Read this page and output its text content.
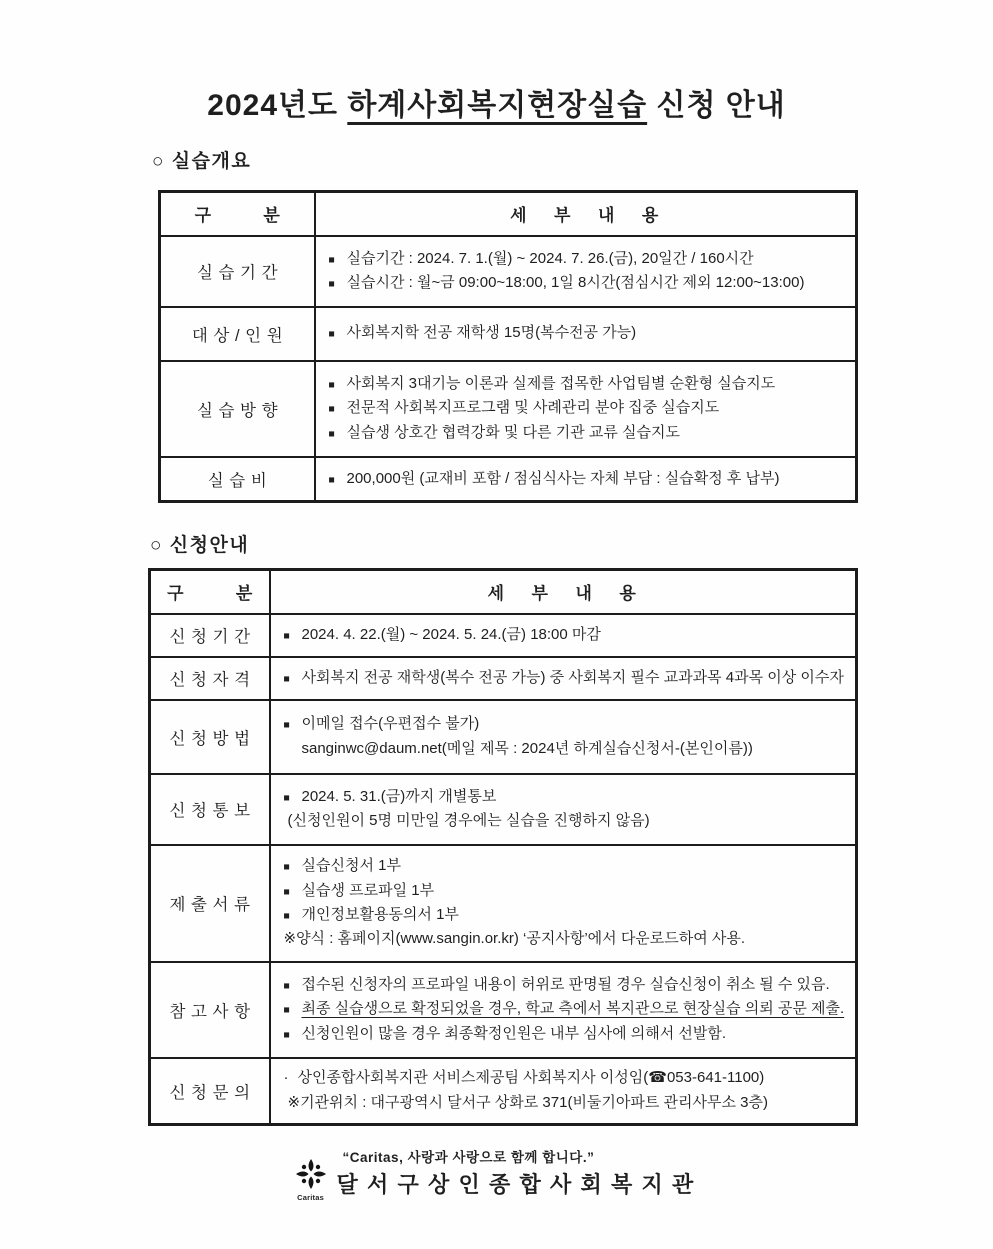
2024년도 하계사회복지현장실습 신청 안내
○ 실습개요
구 분	세 부 내 용
실습기간	■ 실습기간 : 2024. 7. 1.(월) ~ 2024. 7. 26.(금), 20일간 / 160시간
■ 실습시간 : 월~금 09:00~18:00, 1일 8시간(점심시간 제외 12:00~13:00)

대상/인원	■ 사회복지학 전공 재학생 15명(복수전공 가능)

실습방향	
■ 사회복지 3대기능 이론과 실제를 접목한 사업팀별 순환형 실습지도
■ 전문적 사회복지프로그램 및 사례관리 분야 집중 실습지도
■ 실습생 상호간 협력강화 및 다른 기관 교류 실습지도

실습비	■ 200,000원 (교재비 포함 / 점심식사는 자체 부담 : 실습확정 후 납부)
○ 신청안내
구 분	세 부 내 용
신청기간	■ 2024. 4. 22.(월) ~ 2024. 5. 24.(금) 18:00 마감

신청자격	■ 사회복지 전공 재학생(복수 전공 가능) 중 사회복지 필수 교과과목 4과목 이상 이수자

신청방법	■ 이메일 접수(우편접수 불가)
sanginwc@daum.net(메일 제목 : 2024년 하계실습신청서-(본인이름))

신청통보	■ 2024. 5. 31.(금)까지 개별통보
(신청인원이 5명 미만일 경우에는 실습을 진행하지 않음)

제출서류	
■ 실습신청서 1부
■ 실습생 프로파일 1부
■ 개인정보활용동의서 1부
※양식 : 홈페이지(www.sangin.or.kr) ‘공지사항’에서 다운로드하여 사용.

참고사항	
■ 접수된 신청자의 프로파일 내용이 허위로 판명될 경우 실습신청이 취소 될 수 있음.
■ 최종 실습생으로 확정되었을 경우, 학교 측에서 복지관으로 현장실습 의뢰 공문 제출.
■ 신청인원이 많을 경우 최종확정인원은 내부 심사에 의해서 선발함.

신청문의	· 상인종합사회복지관 서비스제공팀 사회복지사 이성임(☎053-641-1100)
※기관위치 : 대구광역시 달서구 상화로 371(비둘기아파트 관리사무소 3층)
Caritas
“Caritas, 사랑과 사랑으로 함께 합니다.”
달서구상인종합사회복지관
